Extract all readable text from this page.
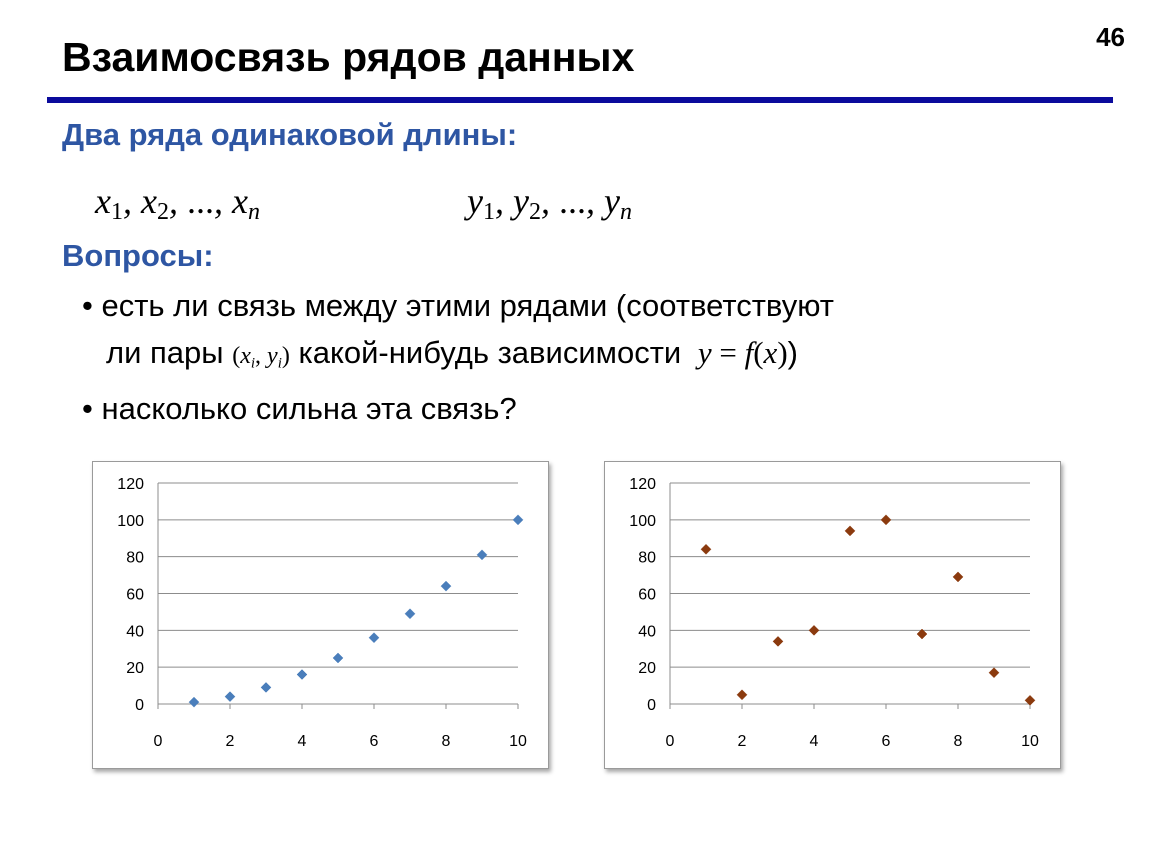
46
Взаимосвязь рядов данных
Два ряда одинаковой длины:
$x_1$, $x_2$, ..., xn	$y_1$, $y_2$, ..., yn
Вопросы:
• есть ли связь между этими рядами (соответствуют
ли пары (xi, yi) какой-нибудь зависимости y = f(x))
• насколько сильна эта связь?
0
20
40
60
80
100
120
0	2	4	6	8	10
0
20
40
60
80
100
120
0	2	4	6	8	10
